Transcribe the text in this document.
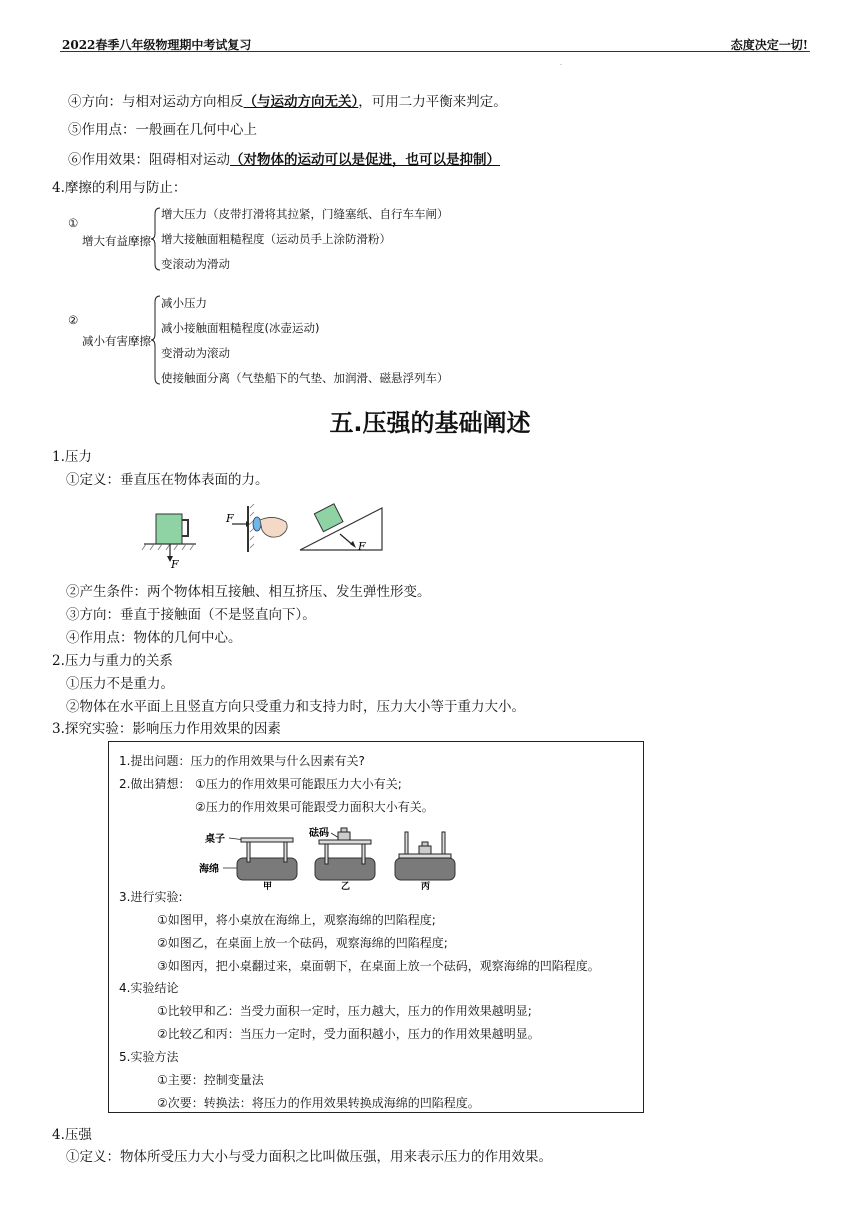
2022春季八年级物理期中考试复习	态度决定一切!
·
④方向：与相对运动方向相反（与运动方向无关），可用二力平衡来判定。
⑤作用点：一般画在几何中心上
⑥作用效果：阻碍相对运动（对物体的运动可以是促进，也可以是抑制）
4.摩擦的利用与防止：
①
增大有益摩擦
增大压力（皮带打滑将其拉紧，门缝塞纸、自行车车闸）
增大接触面粗糙程度（运动员手上涂防滑粉）
变滚动为滑动
②
减小有害摩擦
减小压力
减小接触面粗糙程度(冰壶运动)
变滑动为滚动
使接触面分离（气垫船下的气垫、加润滑、磁悬浮列车）
五.压强的基础阐述
1.压力
①定义：垂直压在物体表面的力。
F
F
F
②产生条件：两个物体相互接触、相互挤压、发生弹性形变。
③方向：垂直于接触面（不是竖直向下）。
④作用点：物体的几何中心。
2.压力与重力的关系
①压力不是重力。
②物体在水平面上且竖直方向只受重力和支持力时，压力大小等于重力大小。
3.探究实验：影响压力作用效果的因素
1.提出问题：压力的作用效果与什么因素有关?
2.做出猜想： ①压力的作用效果可能跟压力大小有关;
②压力的作用效果可能跟受力面积大小有关。
桌子
海绵
砝码
甲	乙	丙
3.进行实验:
①如图甲，将小桌放在海绵上，观察海绵的凹陷程度;
②如图乙，在桌面上放一个砝码，观察海绵的凹陷程度;
③如图丙，把小桌翻过来，桌面朝下，在桌面上放一个砝码，观察海绵的凹陷程度。
4.实验结论
①比较甲和乙：当受力面积一定时，压力越大，压力的作用效果越明显;
②比较乙和丙：当压力一定时，受力面积越小，压力的作用效果越明显。
5.实验方法
①主要：控制变量法
②次要：转换法：将压力的作用效果转换成海绵的凹陷程度。
4.压强
①定义：物体所受压力大小与受力面积之比叫做压强，用来表示压力的作用效果。
